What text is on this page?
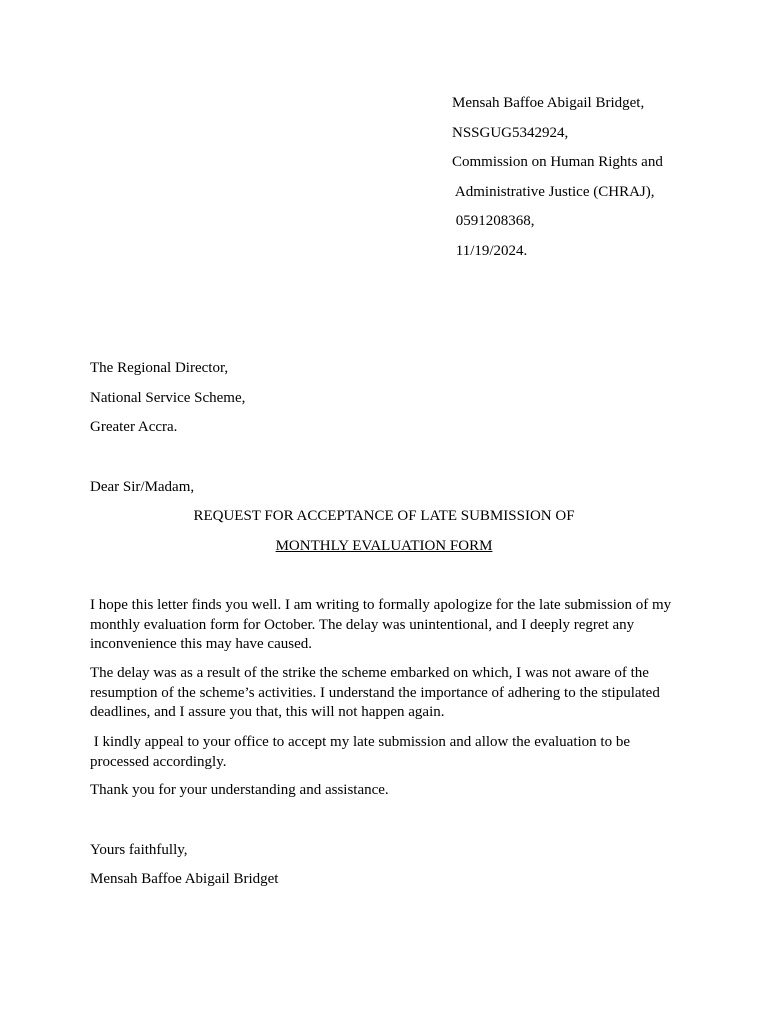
Mensah Baffoe Abigail Bridget,
NSSGUG5342924,
Commission on Human Rights and
Administrative Justice (CHRAJ),
0591208368,
11/19/2024.
The Regional Director,
National Service Scheme,
Greater Accra.
Dear Sir/Madam,
REQUEST FOR ACCEPTANCE OF LATE SUBMISSION OF
MONTHLY EVALUATION FORM

I hope this letter finds you well. I am writing to formally apologize for the late submission of my monthly evaluation form for October. The delay was unintentional, and I deeply regret any inconvenience this may have caused.

The delay was as a result of the strike the scheme embarked on which, I was not aware of the resumption of the scheme’s activities. I understand the importance of adhering to the stipulated deadlines, and I assure you that, this will not happen again.

I kindly appeal to your office to accept my late submission and allow the evaluation to be processed accordingly.

Thank you for your understanding and assistance.

Yours faithfully,
Mensah Baffoe Abigail Bridget
